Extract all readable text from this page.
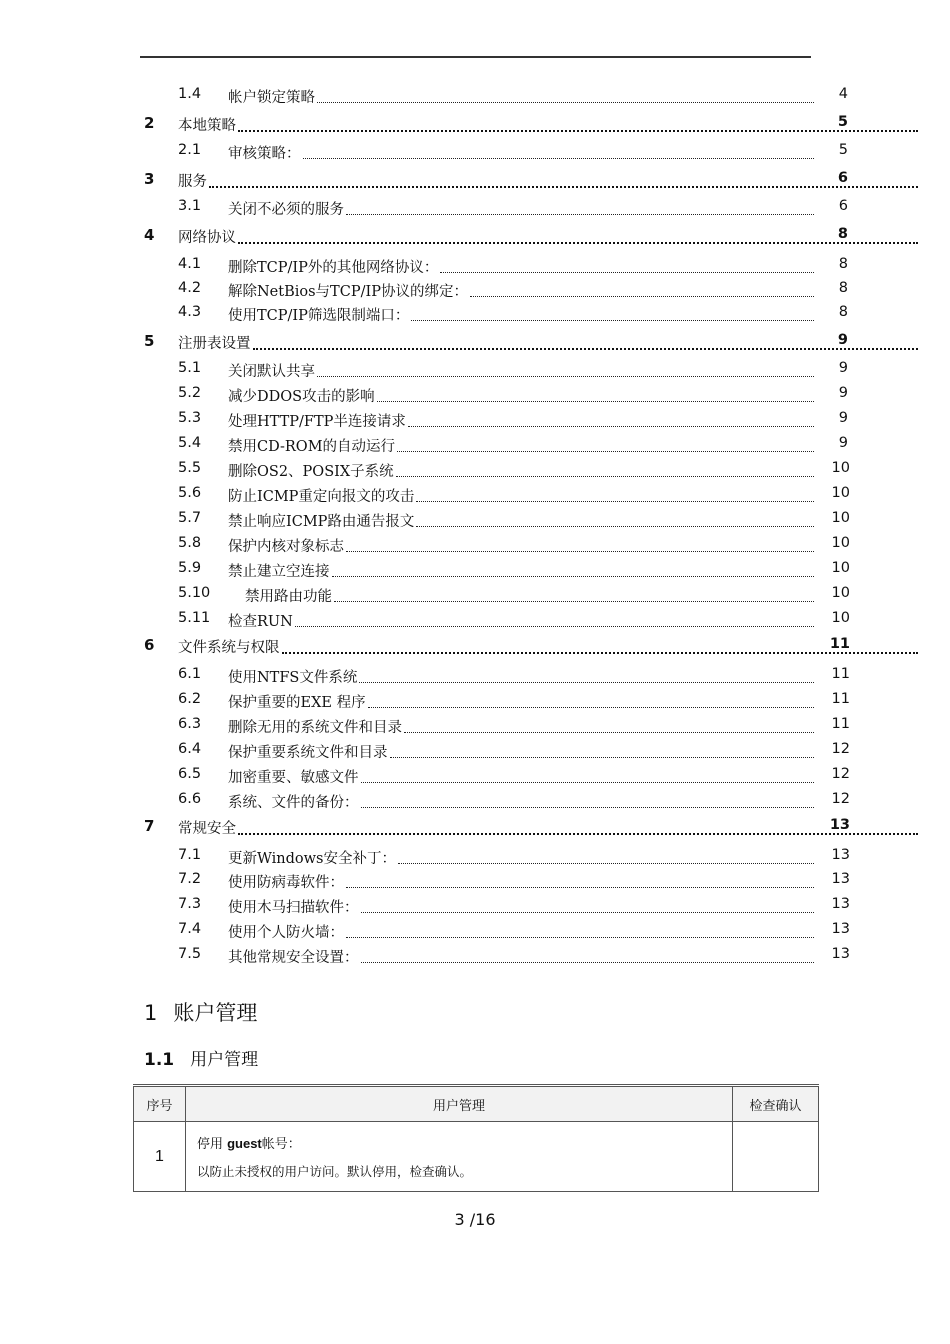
1.4 帐户锁定策略	4
2 本地策略	5
2.1 审核策略：	5
3 服务	6
3.1 关闭不必须的服务	6
4 网络协议	8
4.1 删除TCP/IP外的其他网络协议：	8
4.2 解除NetBios与TCP/IP协议的绑定：	8
4.3 使用TCP/IP筛选限制端口：	8
5 注册表设置	9
5.1 关闭默认共享	9
5.2 减少DDOS攻击的影响	9
5.3 处理HTTP/FTP半连接请求	9
5.4 禁用CD-ROM的自动运行	9
5.5 删除OS2、POSIX子系统	10
5.6 防止ICMP重定向报文的攻击	10
5.7 禁止响应ICMP路由通告报文	10
5.8 保护内核对象标志	10
5.9 禁止建立空连接	10
5.10 禁用路由功能	10
5.11 检查RUN	10
6 文件系统与权限	11
6.1 使用NTFS文件系统	11
6.2 保护重要的EXE 程序	11
6.3 删除无用的系统文件和目录	11
6.4 保护重要系统文件和目录	12
6.5 加密重要、敏感文件	12
6.6 系统、文件的备份：	12
7 常规安全	13
7.1 更新Windows安全补丁：	13
7.2 使用防病毒软件：	13
7.3 使用木马扫描软件：	13
7.4 使用个人防火墙：	13
7.5 其他常规安全设置：	13
1 账户管理
1.1 用户管理
序号	用户管理	检查确认
1	停用 guest帐号：
以防止未授权的用户访问。默认停用，检查确认。	

3 /16
